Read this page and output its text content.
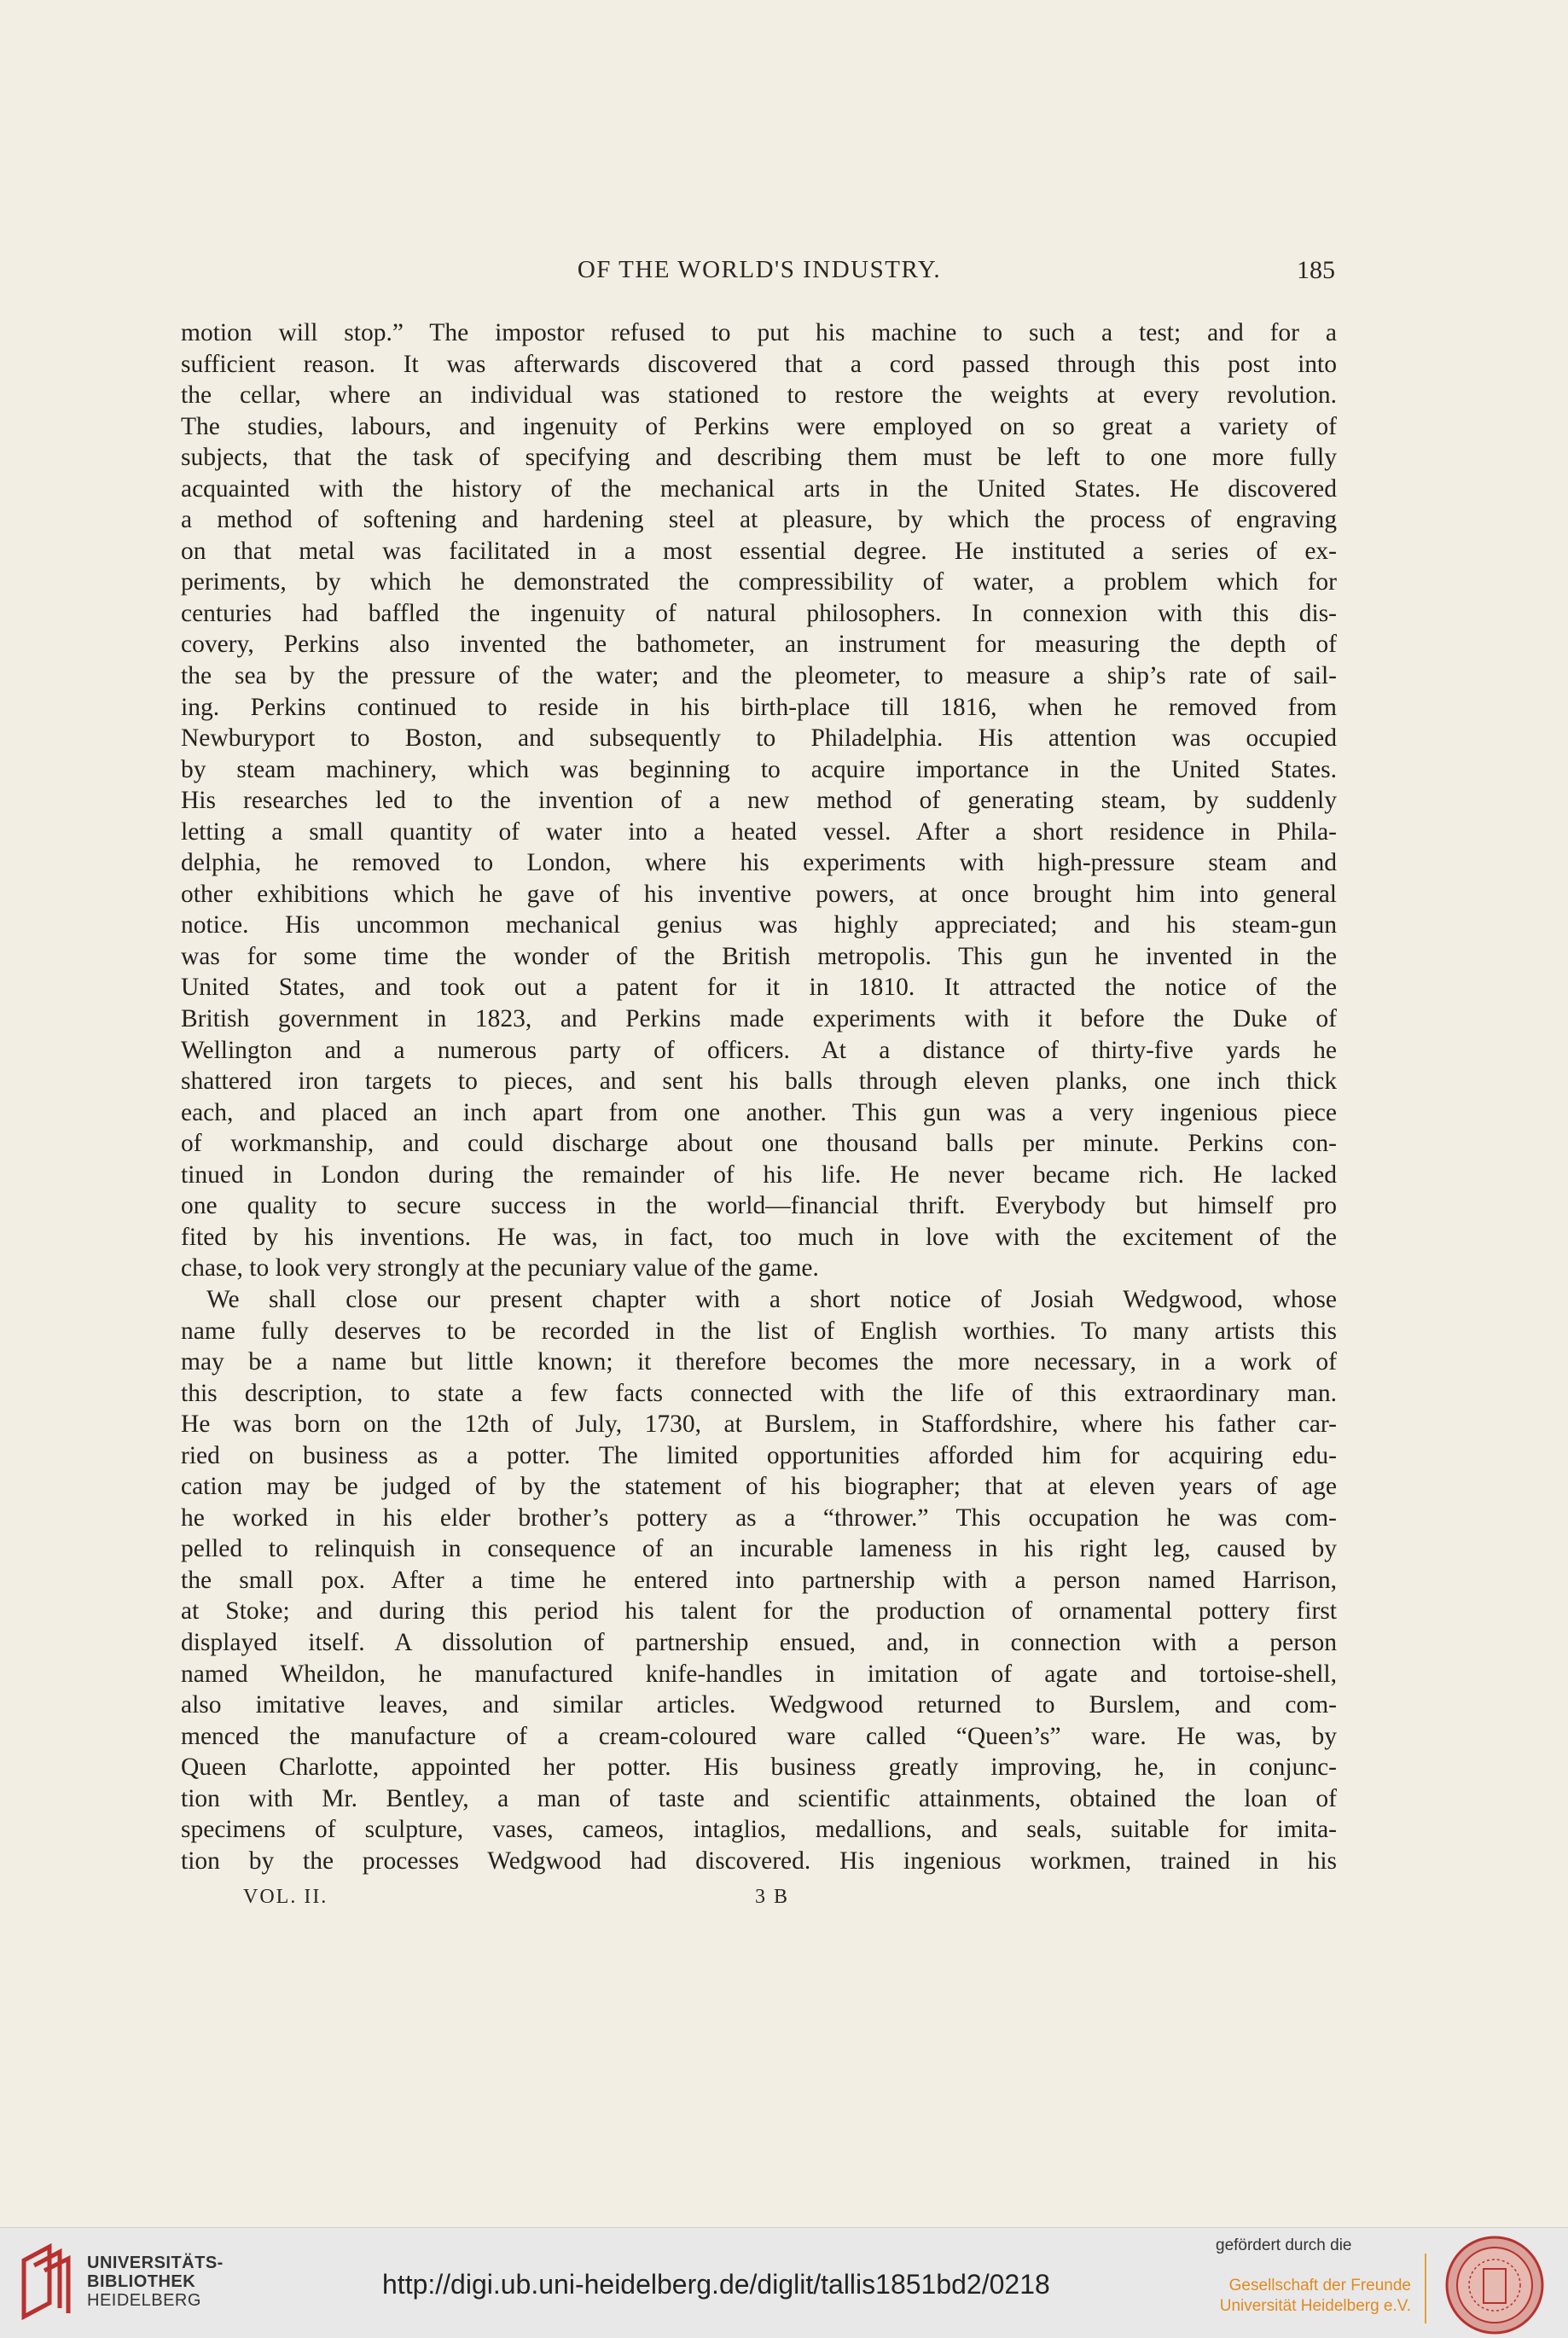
OF THE WORLD'S INDUSTRY.	185
motion will stop.” The impostor refused to put his machine to such a test; and for a
sufficient reason. It was afterwards discovered that a cord passed through this post into
the cellar, where an individual was stationed to restore the weights at every revolution.
The studies, labours, and ingenuity of Perkins were employed on so great a variety of
subjects, that the task of specifying and describing them must be left to one more fully
acquainted with the history of the mechanical arts in the United States. He discovered
a method of softening and hardening steel at pleasure, by which the process of engraving
on that metal was facilitated in a most essential degree. He instituted a series of ex-
periments, by which he demonstrated the compressibility of water, a problem which for
centuries had baffled the ingenuity of natural philosophers. In connexion with this dis-
covery, Perkins also invented the bathometer, an instrument for measuring the depth of
the sea by the pressure of the water; and the pleometer, to measure a ship’s rate of sail-
ing. Perkins continued to reside in his birth-place till 1816, when he removed from
Newburyport to Boston, and subsequently to Philadelphia. His attention was occupied
by steam machinery, which was beginning to acquire importance in the United States.
His researches led to the invention of a new method of generating steam, by suddenly
letting a small quantity of water into a heated vessel. After a short residence in Phila-
delphia, he removed to London, where his experiments with high-pressure steam and
other exhibitions which he gave of his inventive powers, at once brought him into general
notice. His uncommon mechanical genius was highly appreciated; and his steam-gun
was for some time the wonder of the British metropolis. This gun he invented in the
United States, and took out a patent for it in 1810. It attracted the notice of the
British government in 1823, and Perkins made experiments with it before the Duke of
Wellington and a numerous party of officers. At a distance of thirty-five yards he
shattered iron targets to pieces, and sent his balls through eleven planks, one inch thick
each, and placed an inch apart from one another. This gun was a very ingenious piece
of workmanship, and could discharge about one thousand balls per minute. Perkins con-
tinued in London during the remainder of his life. He never became rich. He lacked
one quality to secure success in the world—financial thrift. Everybody but himself pro
fited by his inventions. He was, in fact, too much in love with the excitement of the
chase, to look very strongly at the pecuniary value of the game.
We shall close our present chapter with a short notice of Josiah Wedgwood, whose
name fully deserves to be recorded in the list of English worthies. To many artists this
may be a name but little known; it therefore becomes the more necessary, in a work of
this description, to state a few facts connected with the life of this extraordinary man.
He was born on the 12th of July, 1730, at Burslem, in Staffordshire, where his father car-
ried on business as a potter. The limited opportunities afforded him for acquiring edu-
cation may be judged of by the statement of his biographer; that at eleven years of age
he worked in his elder brother’s pottery as a “thrower.” This occupation he was com-
pelled to relinquish in consequence of an incurable lameness in his right leg, caused by
the small pox. After a time he entered into partnership with a person named Harrison,
at Stoke; and during this period his talent for the production of ornamental pottery first
displayed itself. A dissolution of partnership ensued, and, in connection with a person
named Wheildon, he manufactured knife-handles in imitation of agate and tortoise-shell,
also imitative leaves, and similar articles. Wedgwood returned to Burslem, and com-
menced the manufacture of a cream-coloured ware called “Queen’s” ware. He was, by
Queen Charlotte, appointed her potter. His business greatly improving, he, in conjunc-
tion with Mr. Bentley, a man of taste and scientific attainments, obtained the loan of
specimens of sculpture, vases, cameos, intaglios, medallions, and seals, suitable for imita-
tion by the processes Wedgwood had discovered. His ingenious workmen, trained in his
VOL. II.	3 B
UNIVERSITÄTS-
BIBLIOTHEK
HEIDELBERG
http://digi.ub.uni-heidelberg.de/diglit/tallis1851bd2/0218
gefördert durch die
Gesellschaft der Freunde
Universität Heidelberg e.V.
